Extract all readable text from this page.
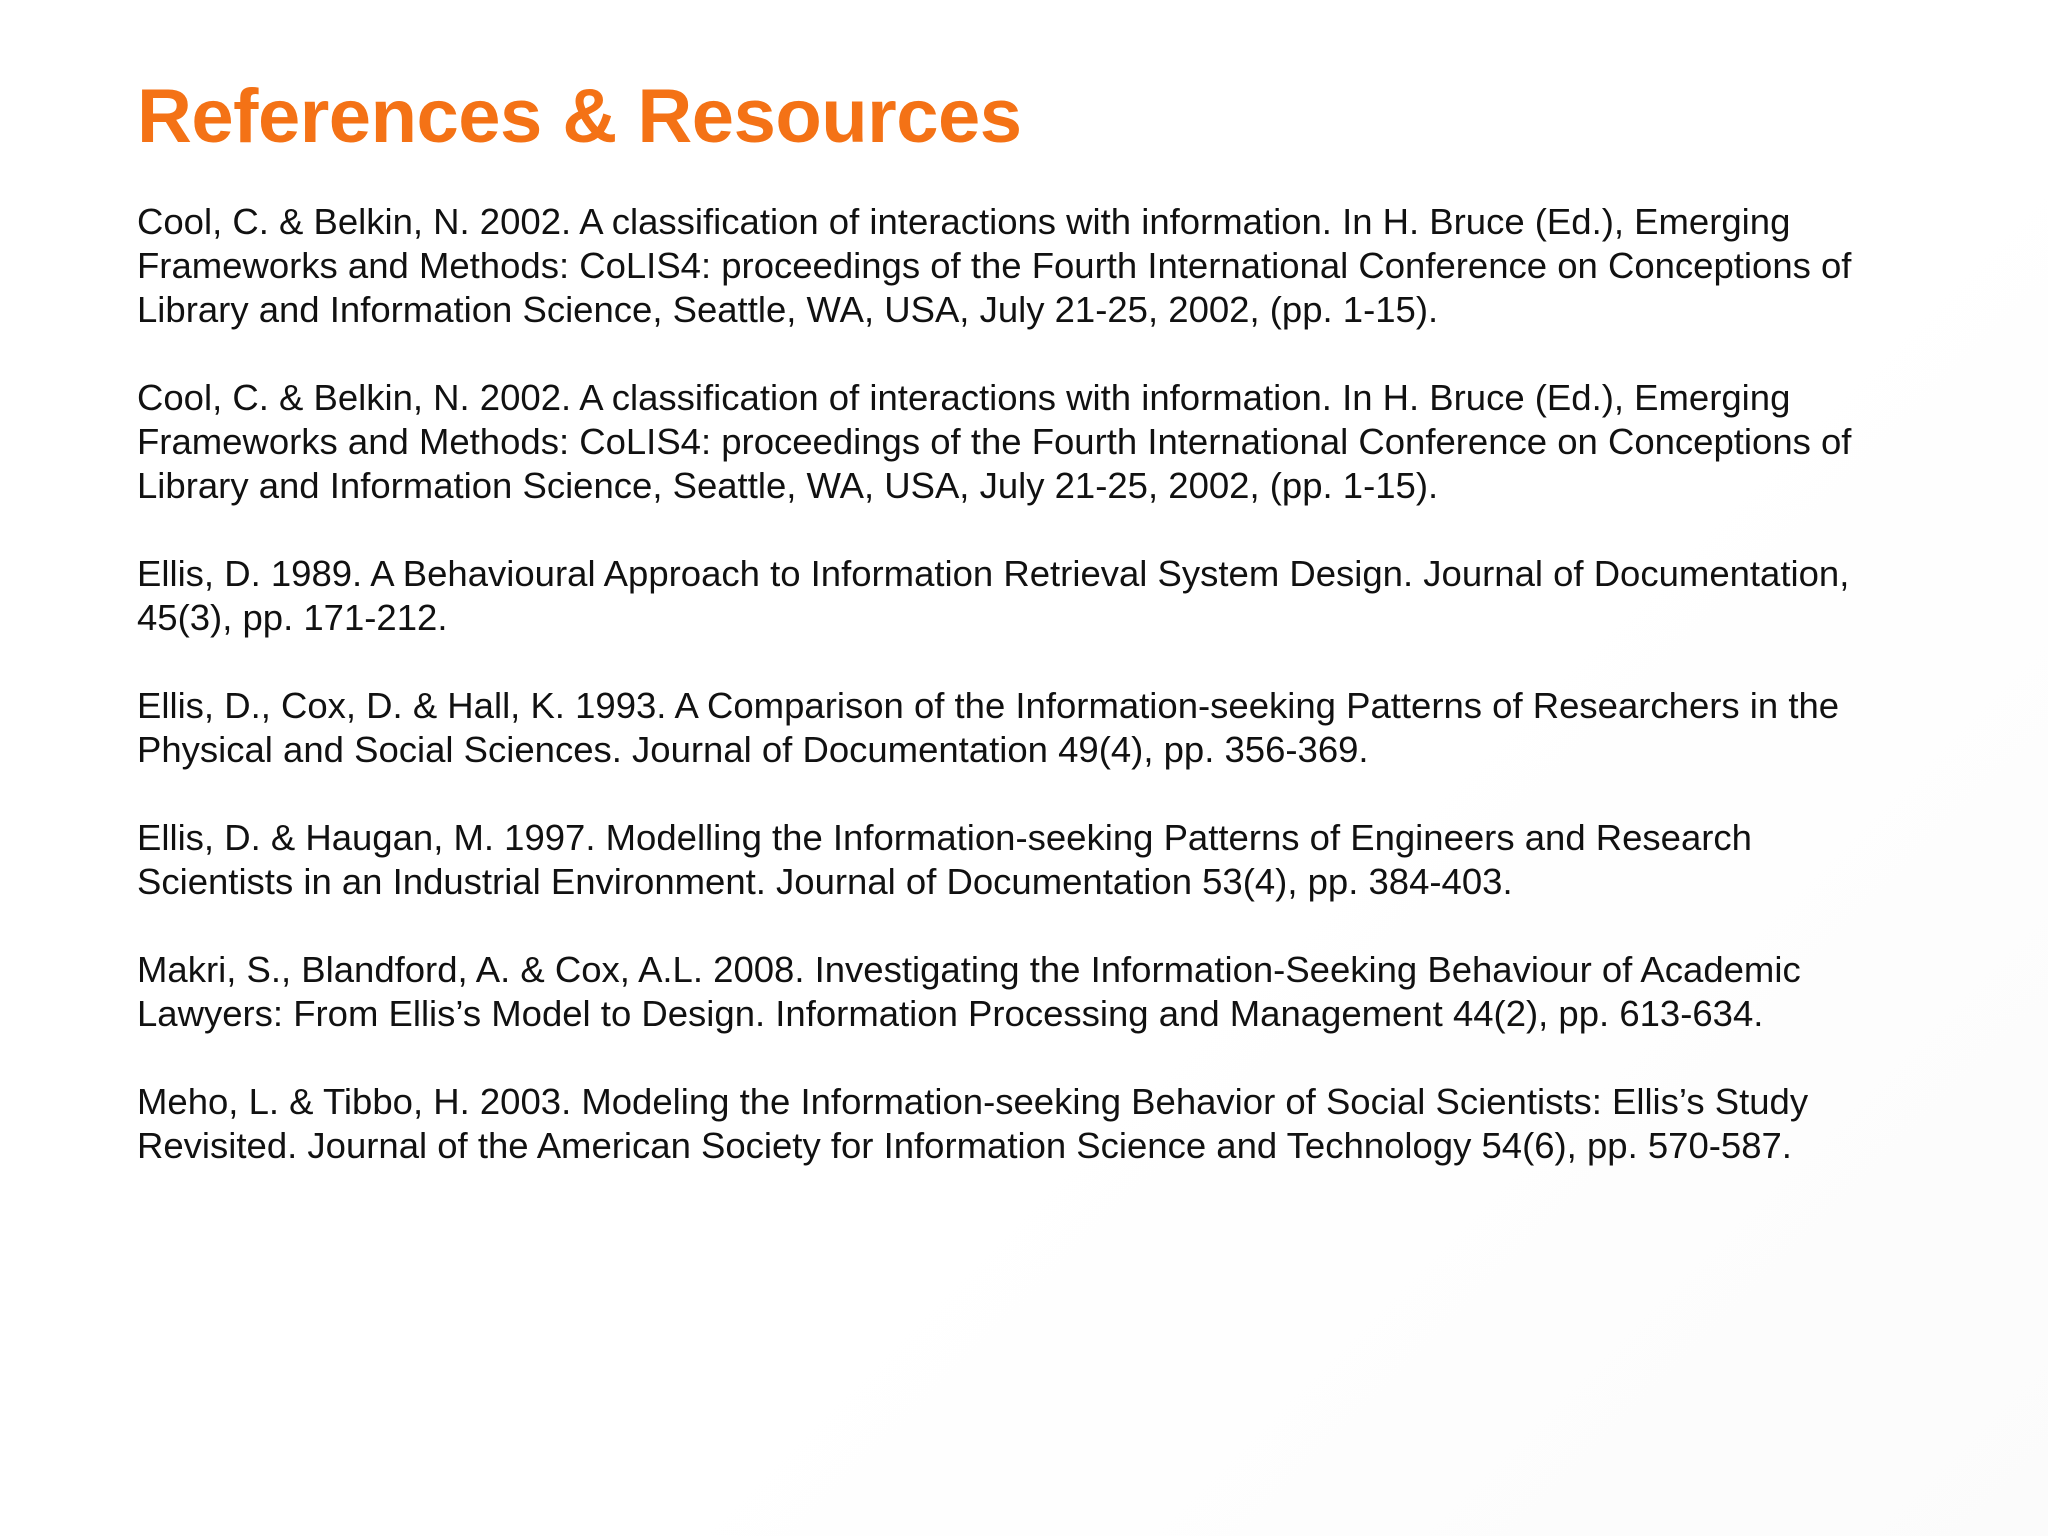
References & Resources
Cool, C. & Belkin, N. 2002. A classification of interactions with information. In H. Bruce (Ed.), Emerging
Frameworks and Methods: CoLIS4: proceedings of the Fourth International Conference on Conceptions of
Library and Information Science, Seattle, WA, USA, July 21-25, 2002, (pp. 1-15).
Cool, C. & Belkin, N. 2002. A classification of interactions with information. In H. Bruce (Ed.), Emerging
Frameworks and Methods: CoLIS4: proceedings of the Fourth International Conference on Conceptions of
Library and Information Science, Seattle, WA, USA, July 21-25, 2002, (pp. 1-15).
Ellis, D. 1989. A Behavioural Approach to Information Retrieval System Design. Journal of Documentation,
45(3), pp. 171-212.
Ellis, D., Cox, D. & Hall, K. 1993. A Comparison of the Information-seeking Patterns of Researchers in the
Physical and Social Sciences. Journal of Documentation 49(4), pp. 356-369.
Ellis, D. & Haugan, M. 1997. Modelling the Information-seeking Patterns of Engineers and Research
Scientists in an Industrial Environment. Journal of Documentation 53(4), pp. 384-403.
Makri, S., Blandford, A. & Cox, A.L. 2008. Investigating the Information-Seeking Behaviour of Academic
Lawyers: From Ellis’s Model to Design. Information Processing and Management 44(2), pp. 613-634.
Meho, L. & Tibbo, H. 2003. Modeling the Information-seeking Behavior of Social Scientists: Ellis’s Study
Revisited. Journal of the American Society for Information Science and Technology 54(6), pp. 570-587.
